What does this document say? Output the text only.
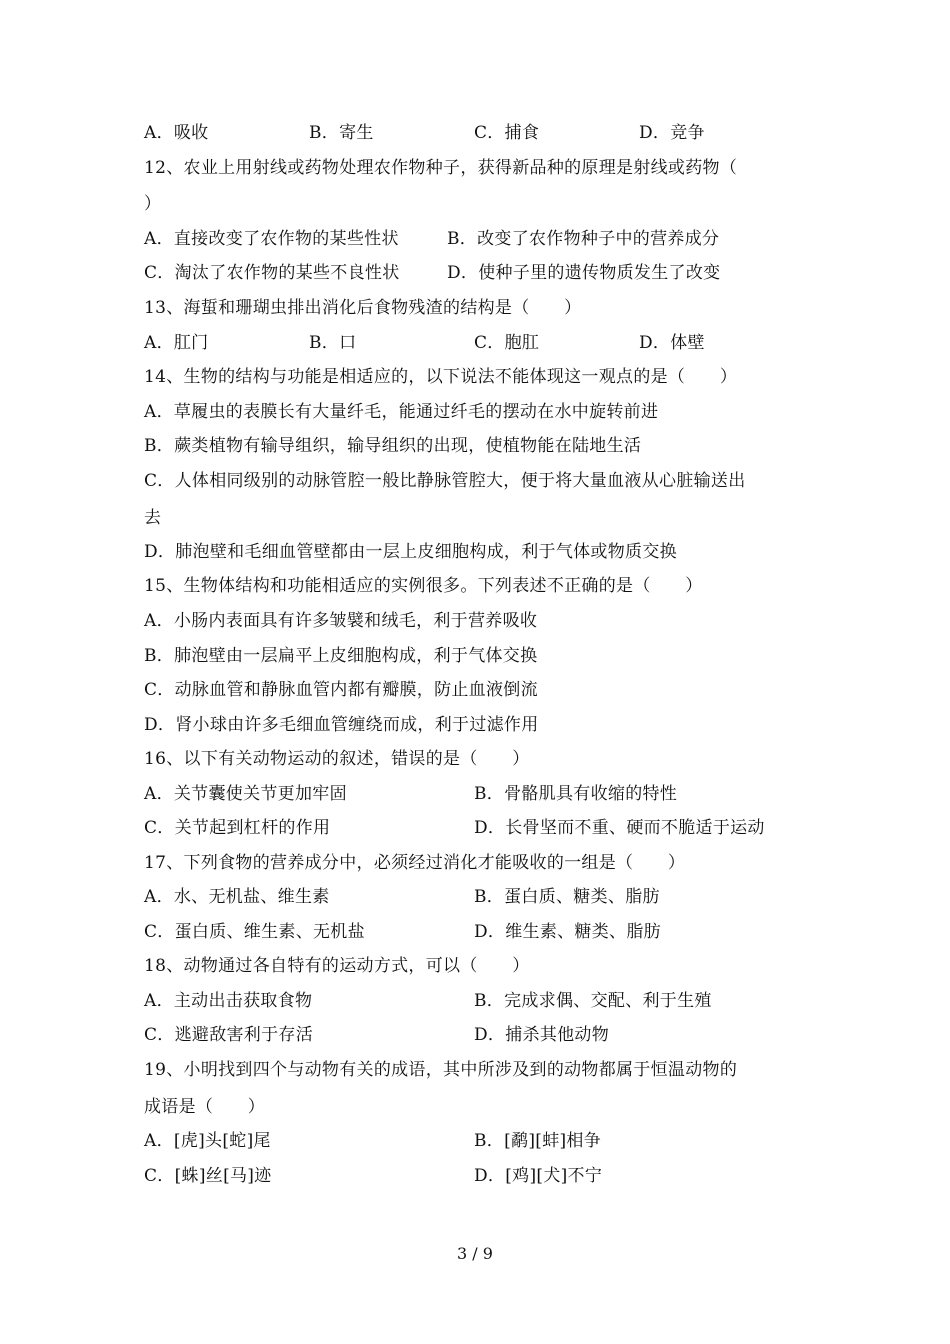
A．吸收	B．寄生	C．捕食	D．竞争
12、农业上用射线或药物处理农作物种子，获得新品种的原理是射线或药物（
）
A．直接改变了农作物的某些性状	B．改变了农作物种子中的营养成分
C．淘汰了农作物的某些不良性状	D．使种子里的遗传物质发生了改变
13、海蜇和珊瑚虫排出消化后食物残渣的结构是（　　）
A．肛门	B．口	C．胞肛	D．体壁
14、生物的结构与功能是相适应的，以下说法不能体现这一观点的是（　　）
A．草履虫的表膜长有大量纤毛，能通过纤毛的摆动在水中旋转前进
B．蕨类植物有输导组织，输导组织的出现，使植物能在陆地生活
C．人体相同级别的动脉管腔一般比静脉管腔大，便于将大量血液从心脏输送出
去
D．肺泡壁和毛细血管壁都由一层上皮细胞构成，利于气体或物质交换
15、生物体结构和功能相适应的实例很多。下列表述不正确的是（　　）
A．小肠内表面具有许多皱襞和绒毛，利于营养吸收
B．肺泡壁由一层扁平上皮细胞构成，利于气体交换
C．动脉血管和静脉血管内都有瓣膜，防止血液倒流
D．肾小球由许多毛细血管缠绕而成，利于过滤作用
16、以下有关动物运动的叙述，错误的是（　　）
A．关节囊使关节更加牢固	B．骨骼肌具有收缩的特性
C．关节起到杠杆的作用	D．长骨坚而不重、硬而不脆适于运动
17、下列食物的营养成分中，必须经过消化才能吸收的一组是（　　）
A．水、无机盐、维生素	B．蛋白质、糖类、脂肪
C．蛋白质、维生素、无机盐	D．维生素、糖类、脂肪
18、动物通过各自特有的运动方式，可以（　　）
A．主动出击获取食物	B．完成求偶、交配、利于生殖
C．逃避敌害利于存活	D．捕杀其他动物
19、小明找到四个与动物有关的成语，其中所涉及到的动物都属于恒温动物的
成语是（　　）
A．[虎]头[蛇]尾	B．[鹬][蚌]相争
C．[蛛]丝[马]迹	D．[鸡][犬]不宁
3 / 9
